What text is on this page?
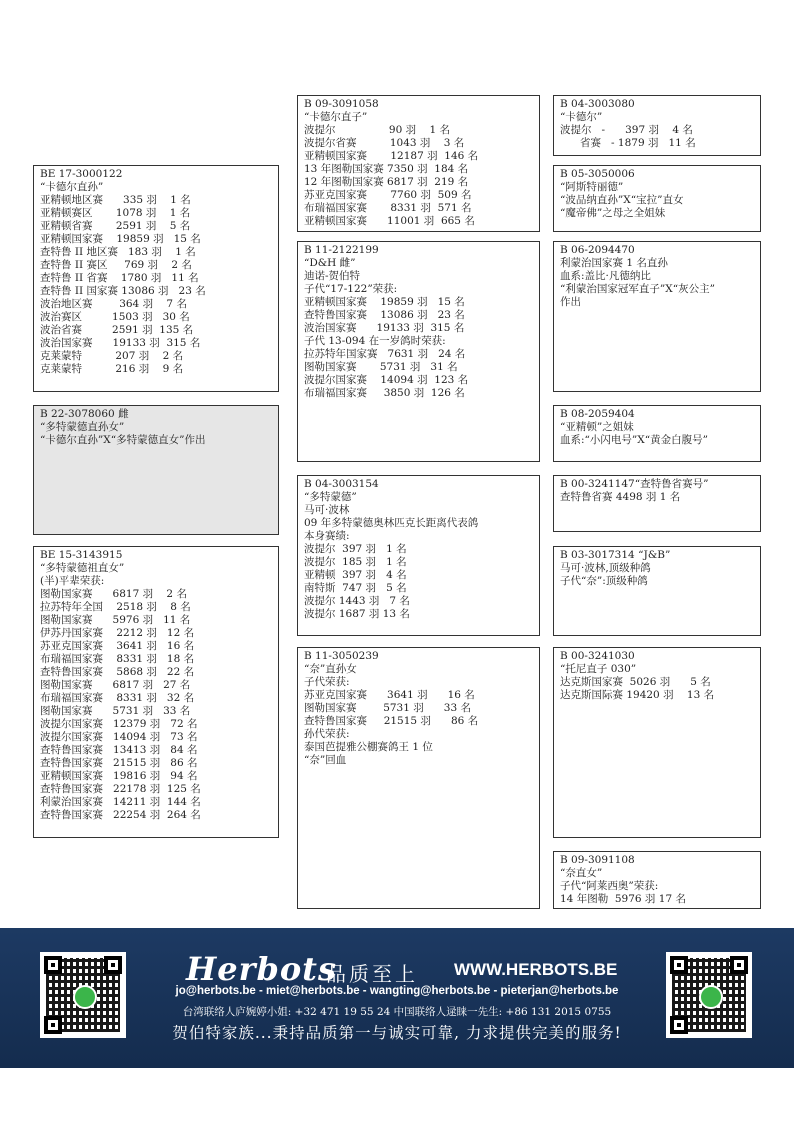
BE 17-3000122
“卡德尔直孙”
亚精顿地区赛      335 羽    1 名
亚精顿赛区       1078 羽    1 名
亚精顿省赛       2591 羽    5 名
亚精顿国家赛    19859 羽   15 名
查特鲁 II 地区赛   183 羽    1 名
查特鲁 II 赛区     769 羽    2 名
查特鲁 II 省赛    1780 羽   11 名
查特鲁 II 国家赛 13086 羽   23 名
波治地区赛        364 羽    7 名
波治赛区         1503 羽   30 名
波治省赛         2591 羽  135 名
波治国家赛      19133 羽  315 名
克莱蒙特          207 羽    2 名
克莱蒙特          216 羽    9 名
B 22-3078060 雌
“多特蒙德直孙女”
“卡德尔直孙”X“多特蒙德直女”作出
BE 15-3143915
“多特蒙德祖直女”
(半)平辈荣获:
图勒国家赛      6817 羽    2 名
拉苏特年全国    2518 羽    8 名
图勒国家赛      5976 羽   11 名
伊苏丹国家赛    2212 羽   12 名
苏亚克国家赛    3641 羽   16 名
布瑞福国家赛    8331 羽   18 名
查特鲁国家赛    5868 羽   22 名
图勒国家赛      6817 羽   27 名
布瑞福国家赛    8331 羽   32 名
图勒国家赛      5731 羽   33 名
波提尔国家赛   12379 羽   72 名
波提尔国家赛   14094 羽   73 名
查特鲁国家赛   13413 羽   84 名
查特鲁国家赛   21515 羽   86 名
亚精顿国家赛   19816 羽   94 名
查特鲁国家赛   22178 羽  125 名
利蒙治国家赛   14211 羽  144 名
查特鲁国家赛   22254 羽  264 名
B 09-3091058
“卡德尔直子”
波提尔                90 羽    1 名
波提尔省赛          1043 羽    3 名
亚精顿国家赛       12187 羽  146 名
13 年图勒国家赛 7350 羽  184 名
12 年图勒国家赛 6817 羽  219 名
苏亚克国家赛       7760 羽  509 名
布瑞福国家赛       8331 羽  571 名
亚精顿国家赛      11001 羽  665 名
B 11-2122199
“D&H 雌”
迪诺-贺伯特
子代“17-122”荣获:
亚精顿国家赛    19859 羽   15 名
查特鲁国家赛    13086 羽   23 名
波治国家赛      19133 羽  315 名
子代 13-094 在一岁鸽时荣获:
拉苏特年国家赛   7631 羽   24 名
图勒国家赛       5731 羽   31 名
波提尔国家赛    14094 羽  123 名
布瑞福国家赛     3850 羽  126 名
B 04-3003154
“多特蒙德”
马可·波林
09 年多特蒙德奥林匹克长距离代表鸽
本身赛绩:
波提尔  397 羽   1 名
波提尔  185 羽   1 名
亚精顿  397 羽   4 名
南特斯  747 羽   5 名
波提尔 1443 羽   7 名
波提尔 1687 羽 13 名
B 11-3050239
“奈”直孙女
子代荣获:
苏亚克国家赛      3641 羽      16 名
图勒国家赛        5731 羽      33 名
查特鲁国家赛     21515 羽      86 名
孙代荣获:
泰国芭提雅公棚赛鸽王 1 位
“奈”回血
B 04-3003080
“卡德尔”
波提尔   -      397 羽    4 名
省赛   - 1879 羽   11 名
B 05-3050006
“阿斯特丽德”
“波品纳直孙”X“宝拉”直女
“魔帝佛”之母之全姐妹
B 06-2094470
利蒙治国家赛 1 名直孙
血系:盖比·凡德纳比
“利蒙治国家冠军直子”X“灰公主”
作出
B 08-2059404
“亚精顿”之姐妹
血系:“小闪电号”X“黄金白腹号”
B 00-3241147“查特鲁省赛号”
查特鲁省赛 4498 羽 1 名
B 03-3017314 “J&B”
马可·波林,顶级种鸽
子代“奈”:顶级种鸽
B 00-3241030
“托尼直子 030”
达克斯国家赛  5026 羽      5 名
达克斯国际赛 19420 羽    13 名
B 09-3091108
“奈直女”
子代“阿莱西奥”荣获:
14 年图勒  5976 羽 17 名
Herbots
品质至上 WWW.HERBOTS.BE
jo@herbots.be - miet@herbots.be - wangting@herbots.be - pieterjan@herbots.be
台湾联络人庐婉婷小姐: +32 471 19 55 24 中国联络人逯睐一先生: +86 131 2015 0755
贺伯特家族...秉持品质第一与诚实可靠, 力求提供完美的服务!
